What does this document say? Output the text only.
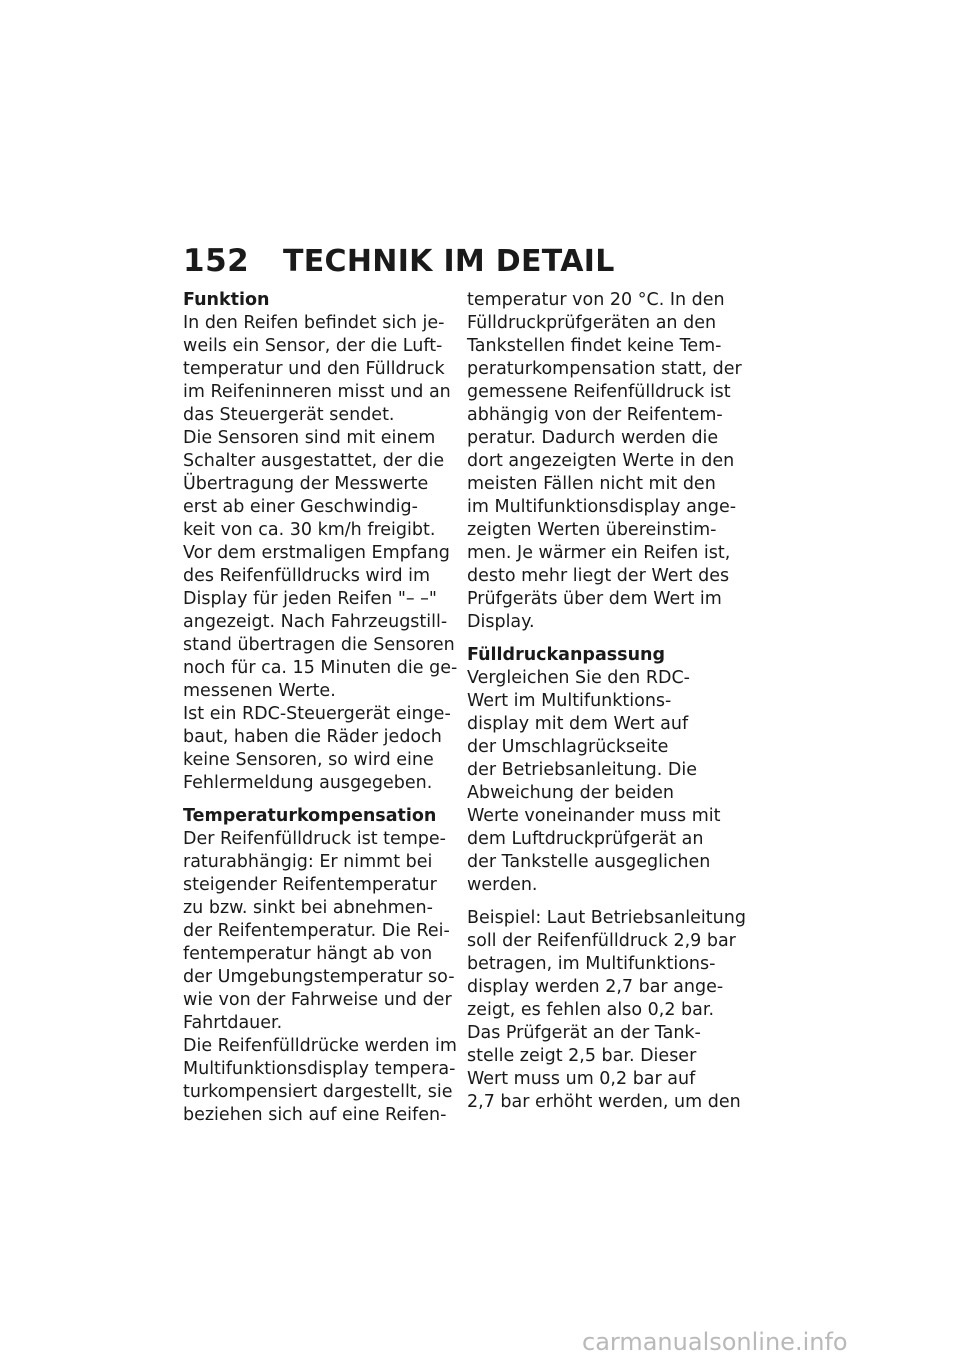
152	TECHNIK IM DETAIL
Funktion
In den Reifen befindet sich je-
weils ein Sensor, der die Luft-
temperatur und den Fülldruck
im Reifeninneren misst und an
das Steuergerät sendet.
Die Sensoren sind mit einem
Schalter ausgestattet, der die
Übertragung der Messwerte
erst ab einer Geschwindig-
keit von ca. 30 km/h freigibt.
Vor dem erstmaligen Empfang
des Reifenfülldrucks wird im
Display für jeden Reifen "– –"
angezeigt. Nach Fahrzeugstill-
stand übertragen die Sensoren
noch für ca. 15 Minuten die ge-
messenen Werte.
Ist ein RDC-Steuergerät einge-
baut, haben die Räder jedoch
keine Sensoren, so wird eine
Fehlermeldung ausgegeben.
Temperaturkompensation
Der Reifenfülldruck ist tempe-
raturabhängig: Er nimmt bei
steigender Reifentemperatur
zu bzw. sinkt bei abnehmen-
der Reifentemperatur. Die Rei-
fentemperatur hängt ab von
der Umgebungstemperatur so-
wie von der Fahrweise und der
Fahrtdauer.
Die Reifenfülldrücke werden im
Multifunktionsdisplay tempera-
turkompensiert dargestellt, sie
beziehen sich auf eine Reifen-
temperatur von 20 °C. In den
Fülldruckprüfgeräten an den
Tankstellen findet keine Tem-
peraturkompensation statt, der
gemessene Reifenfülldruck ist
abhängig von der Reifentem-
peratur. Dadurch werden die
dort angezeigten Werte in den
meisten Fällen nicht mit den
im Multifunktionsdisplay ange-
zeigten Werten übereinstim-
men. Je wärmer ein Reifen ist,
desto mehr liegt der Wert des
Prüfgeräts über dem Wert im
Display.
Fülldruckanpassung
Vergleichen Sie den RDC-
Wert im Multifunktions-
display mit dem Wert auf
der Umschlagrückseite
der Betriebsanleitung. Die
Abweichung der beiden
Werte voneinander muss mit
dem Luftdruckprüfgerät an
der Tankstelle ausgeglichen
werden.
Beispiel: Laut Betriebsanleitung
soll der Reifenfülldruck 2,9 bar
betragen, im Multifunktions-
display werden 2,7 bar ange-
zeigt, es fehlen also 0,2 bar.
Das Prüfgerät an der Tank-
stelle zeigt 2,5 bar. Dieser
Wert muss um 0,2 bar auf
2,7 bar erhöht werden, um den
carmanualsonline.info
